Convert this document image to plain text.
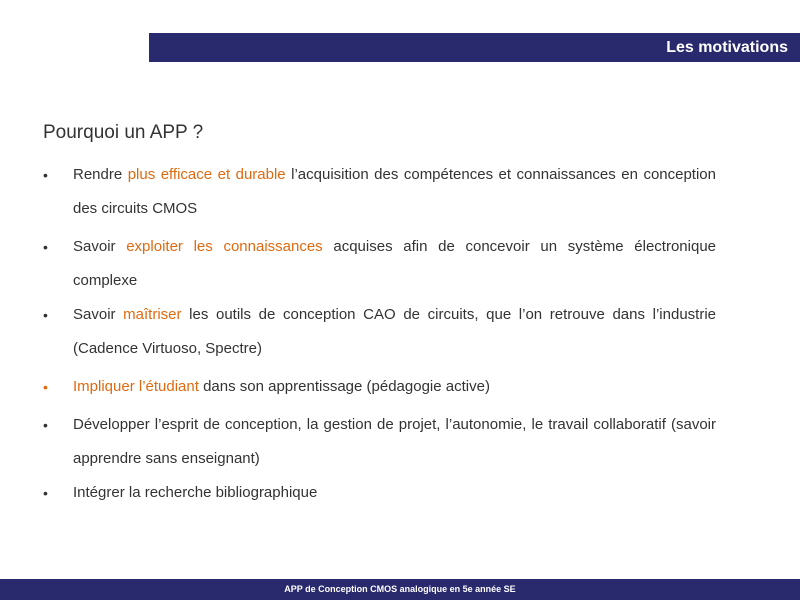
Les motivations
Pourquoi un APP ?
• Rendre plus efficace et durable l’acquisition des compétences et connaissances en conception des circuits CMOS
• Savoir exploiter les connaissances acquises afin de concevoir un système électronique complexe
• Savoir maîtriser les outils de conception CAO de circuits, que l’on retrouve dans l’industrie (Cadence Virtuoso, Spectre)
• Impliquer l’étudiant dans son apprentissage (pédagogie active)
• Développer l’esprit de conception, la gestion de projet, l’autonomie, le travail collaboratif (savoir apprendre sans enseignant)
• Intégrer la recherche bibliographique
APP de Conception CMOS analogique en 5e année SE
